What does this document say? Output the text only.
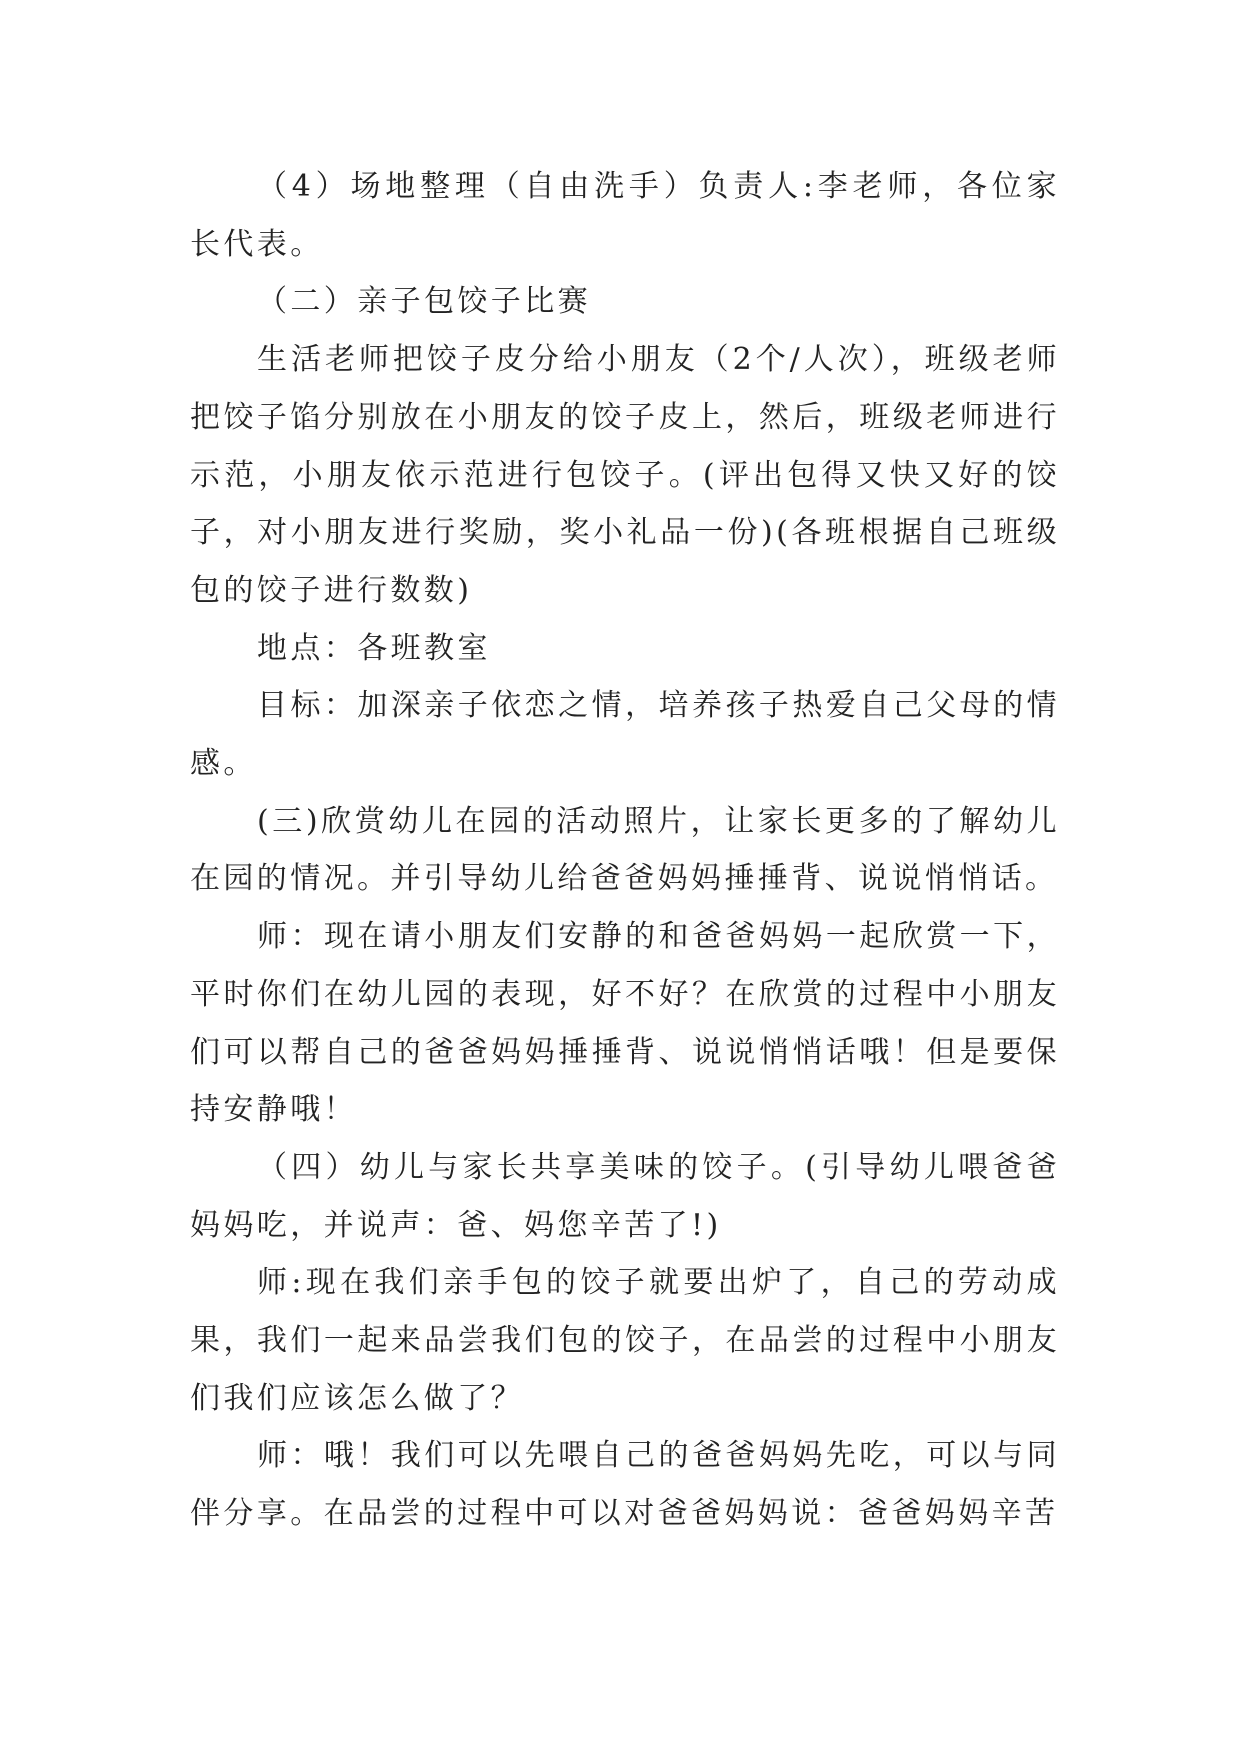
（4）场地整理（自由洗手）负责人:李老师，各位家长代表。

（二）亲子包饺子比赛

生活老师把饺子皮分给小朋友（2个/人次），班级老师把饺子馅分别放在小朋友的饺子皮上，然后，班级老师进行示范，小朋友依示范进行包饺子。(评出包得又快又好的饺子，对小朋友进行奖励，奖小礼品一份)(各班根据自己班级包的饺子进行数数)

地点：各班教室

目标：加深亲子依恋之情，培养孩子热爱自己父母的情感。

(三)欣赏幼儿在园的活动照片，让家长更多的了解幼儿在园的情况。并引导幼儿给爸爸妈妈捶捶背、说说悄悄话。

师：现在请小朋友们安静的和爸爸妈妈一起欣赏一下，平时你们在幼儿园的表现，好不好？在欣赏的过程中小朋友们可以帮自己的爸爸妈妈捶捶背、说说悄悄话哦！但是要保持安静哦！

（四）幼儿与家长共享美味的饺子。(引导幼儿喂爸爸妈妈吃，并说声：爸、妈您辛苦了!)

师:现在我们亲手包的饺子就要出炉了，自己的劳动成果，我们一起来品尝我们包的饺子，在品尝的过程中小朋友们我们应该怎么做了？

师：哦！我们可以先喂自己的爸爸妈妈先吃，可以与同伴分享。在品尝的过程中可以对爸爸妈妈说：爸爸妈妈辛苦
